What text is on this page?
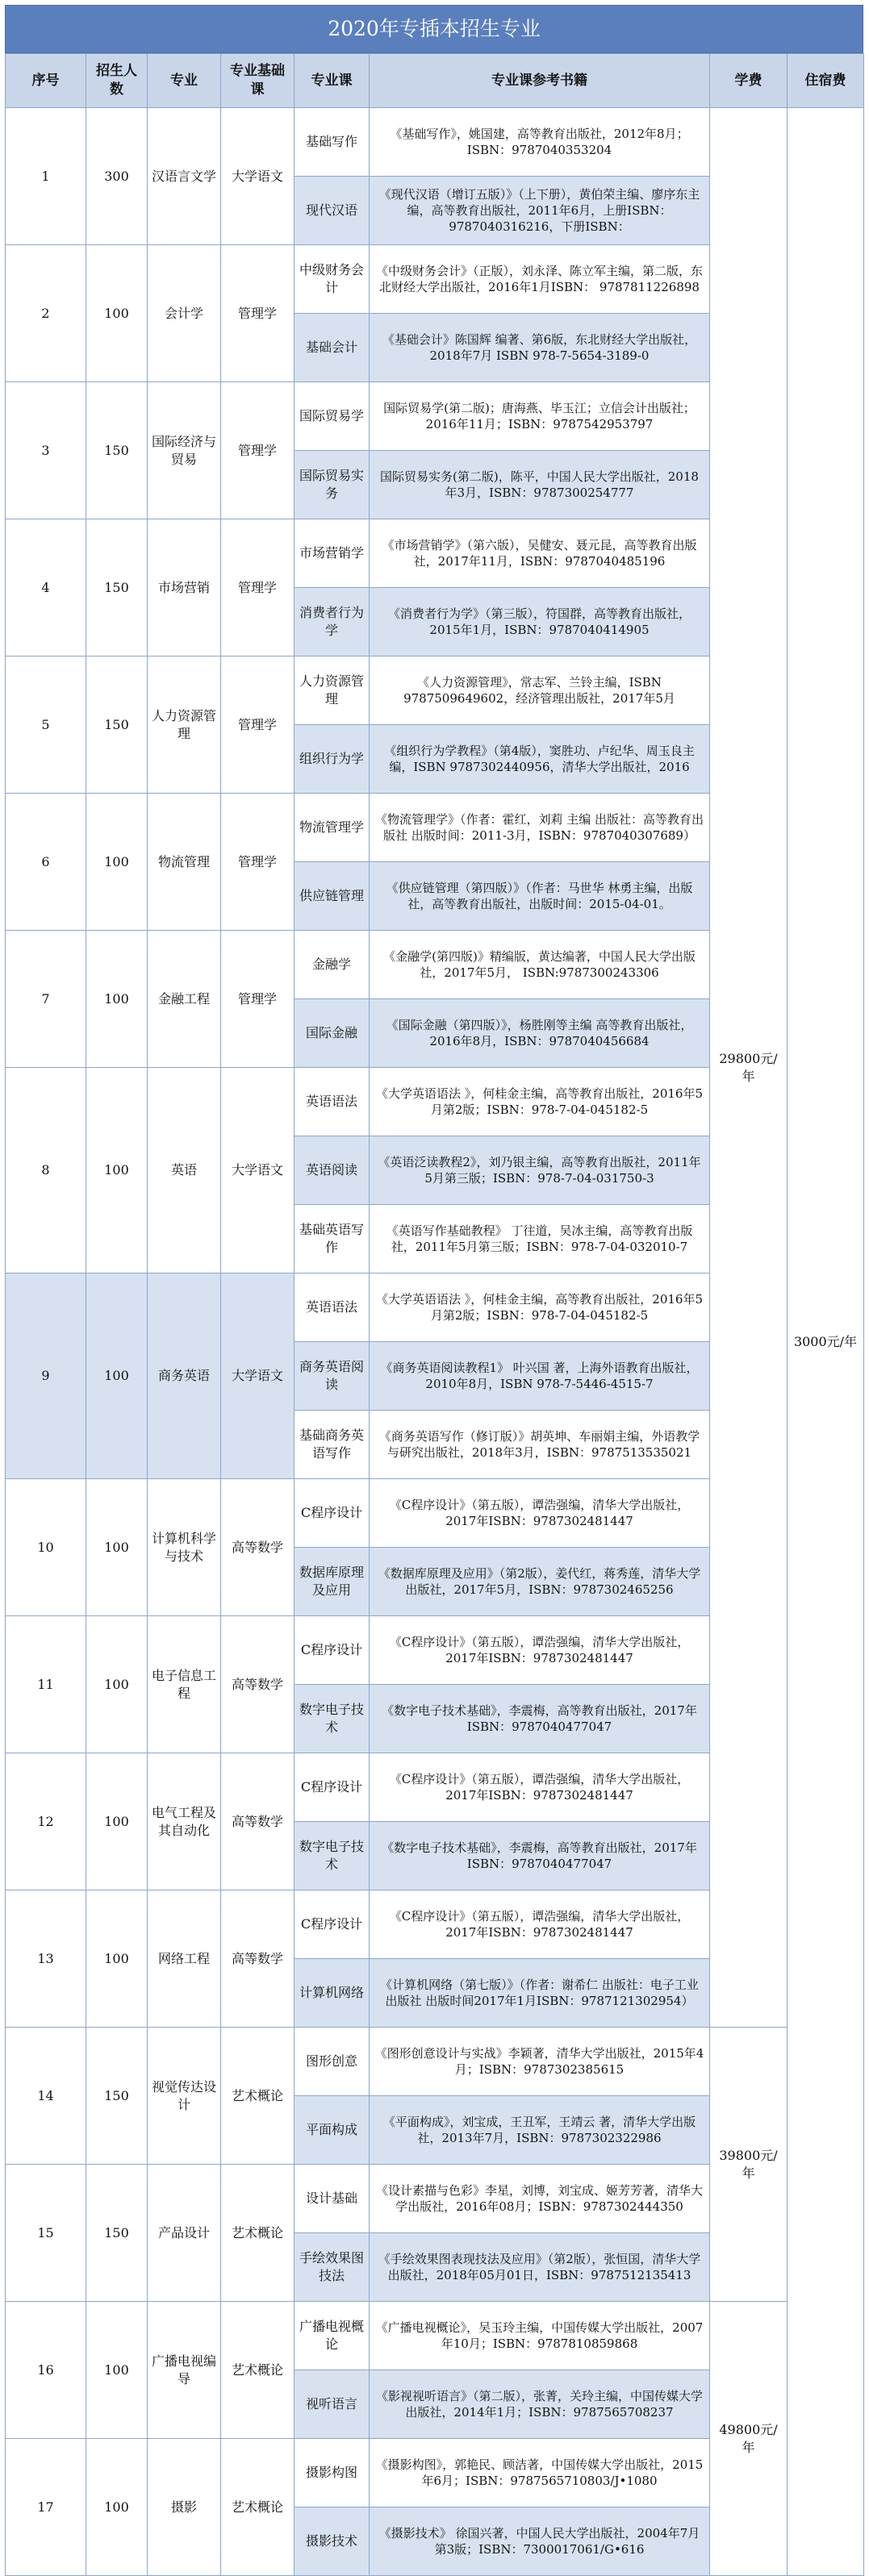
2020年专插本招生专业
序号	招生人数	专业	专业基础课	专业课	专业课参考书籍	学费	住宿费
1	300	汉语言文学	大学语文	基础写作	《基础写作》，姚国建，高等教育出版社，2012年8月；ISBN：9787040353204	29800元/年	3000元/年
				现代汉语	《现代汉语（增订五版）》（上下册），黄伯荣主编、廖序东主编，高等教育出版社，2011年6月，上册ISBN：9787040316216，下册ISBN：		
2	100	会计学	管理学	中级财务会计	《中级财务会计》（正版），刘永泽、陈立军主编，第二版，东北财经大学出版社，2016年1月ISBN： 9787811226898		
				基础会计	《基础会计》陈国辉 编著、第6版，东北财经大学出版社，2018年7月 ISBN 978-7-5654-3189-0		
3	150	国际经济与贸易	管理学	国际贸易学	国际贸易学(第二版)；唐海燕、毕玉江；立信会计出版社；2016年11月；ISBN：9787542953797		
				国际贸易实务	国际贸易实务(第二版)，陈平，中国人民大学出版社，2018年3月，ISBN：9787300254777		
4	150	市场营销	管理学	市场营销学	《市场营销学》（第六版），吴健安、聂元昆，高等教育出版社，2017年11月，ISBN：9787040485196		
				消费者行为学	《消费者行为学》（第三版），符国群，高等教育出版社，2015年1月，ISBN：9787040414905		
5	150	人力资源管理	管理学	人力资源管理	《人力资源管理》，常志军、兰铃主编，ISBN 9787509649602，经济管理出版社，2017年5月		
				组织行为学	《组织行为学教程》（第4版），窦胜功、卢纪华、周玉良主编，ISBN 9787302440956，清华大学出版社，2016		
6	100	物流管理	管理学	物流管理学	《物流管理学》（作者：霍红，刘莉 主编 出版社：高等教育出版社 出版时间：2011-3月，ISBN：9787040307689）		
				供应链管理	《供应链管理（第四版）》（作者：马世华 林勇主编，出版社，高等教育出版社，出版时间：2015-04-01。		
7	100	金融工程	管理学	金融学	《金融学(第四版)》精编版，黄达编著，中国人民大学出版社，2017年5月， ISBN:9787300243306		
				国际金融	《国际金融（第四版）》，杨胜刚等主编 高等教育出版社，2016年8月，ISBN：9787040456684		
8	100	英语	大学语文	英语语法	《大学英语语法 》，何桂金主编，高等教育出版社，2016年5月第2版；ISBN：978-7-04-045182-5		
				英语阅读	《英语泛读教程2》，刘乃银主编，高等教育出版社，2011年5月第三版；ISBN：978-7-04-031750-3		
				基础英语写作	《英语写作基础教程》 丁往道，吴冰主编，高等教育出版社，2011年5月第三版；ISBN：978-7-04-032010-7		
9	100	商务英语	大学语文	英语语法	《大学英语语法 》，何桂金主编，高等教育出版社，2016年5月第2版；ISBN：978-7-04-045182-5		
				商务英语阅读	《商务英语阅读教程1》 叶兴国 著，上海外语教育出版社，2010年8月，ISBN 978-7-5446-4515-7		
				基础商务英语写作	《商务英语写作（修订版）》胡英坤、车丽娟主编，外语教学与研究出版社，2018年3月，ISBN：9787513535021		
10	100	计算机科学与技术	高等数学	C程序设计	《C程序设计》（第五版），谭浩强编，清华大学出版社，2017年ISBN：9787302481447		
				数据库原理及应用	《数据库原理及应用》（第2版），姜代红，蒋秀莲，清华大学出版社，2017年5月，ISBN：9787302465256		
11	100	电子信息工程	高等数学	C程序设计	《C程序设计》（第五版），谭浩强编，清华大学出版社，2017年ISBN：9787302481447		
				数字电子技术	《数字电子技术基础》，李震梅，高等教育出版社，2017年ISBN：9787040477047		
12	100	电气工程及其自动化	高等数学	C程序设计	《C程序设计》（第五版），谭浩强编，清华大学出版社，2017年ISBN：9787302481447		
				数字电子技术	《数字电子技术基础》，李震梅，高等教育出版社，2017年ISBN：9787040477047		
13	100	网络工程	高等数学	C程序设计	《C程序设计》（第五版），谭浩强编，清华大学出版社，2017年ISBN：9787302481447		
				计算机网络	《计算机网络（第七版）》（作者：谢希仁 出版社：电子工业出版社 出版时间2017年1月ISBN：9787121302954）		
14	150	视觉传达设计	艺术概论	图形创意	《图形创意设计与实战》李颖著，清华大学出版社，2015年4月；ISBN：9787302385615	39800元/年	
				平面构成	《平面构成》，刘宝成，王丑军，王靖云 著，清华大学出版社，2013年7月，ISBN：9787302322986		
15	150	产品设计	艺术概论	设计基础	《设计素描与色彩》李星，刘博，刘宝成、姬芳芳著，清华大学出版社，2016年08月；ISBN：9787302444350		
				手绘效果图技法	《手绘效果图表现技法及应用》（第2版），张恒国，清华大学出版社，2018年05月01日，ISBN：9787512135413		
16	100	广播电视编导	艺术概论	广播电视概论	《广播电视概论》，吴玉玲主编，中国传媒大学出版社，2007年10月；ISBN：9787810859868	49800元/年	
				视听语言	《影视视听语言》（第二版），张菁，关玲主编，中国传媒大学出版社，2014年1月；ISBN：9787565708237		
17	100	摄影	艺术概论	摄影构图	《摄影构图》，郭艳民、顾洁著，中国传媒大学出版社，2015年6月；ISBN：9787565710803/J•1080		
				摄影技术	《摄影技术》 徐国兴著，中国人民大学出版社，2004年7月第3版；ISBN：7300017061/G•616		
